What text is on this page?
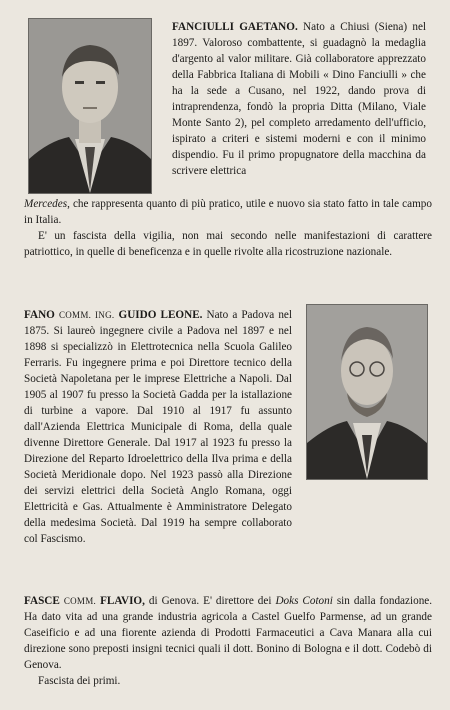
FANCIULLI GAETANO. Nato a Chiusi (Siena) nel 1897. Valoroso combattente, si guadagnò la medaglia d'argento al valor militare. Già collaboratore apprezzato della Fabbrica Italiana di Mobili « Dino Fanciulli » che ha la sede a Cusano, nel 1922, dando prova di intraprendenza, fondò la propria Ditta (Milano, Viale Monte Santo 2), pel completo arredamento dell'ufficio, ispirato a criteri e sistemi moderni e con il minimo dispendio. Fu il primo propugnatore della macchina da scrivere elettrica

Mercedes, che rappresenta quanto di più pratico, utile e nuovo sia stato fatto in tale campo in Italia.

E' un fascista della vigilia, non mai secondo nelle manifestazioni di carattere patriottico, in quelle di beneficenza e in quelle rivolte alla ricostruzione nazionale.

FANO COMM. ING. GUIDO LEONE. Nato a Padova nel 1875. Si laureò ingegnere civile a Padova nel 1897 e nel 1898 si specializzò in Elettrotecnica nella Scuola Galileo Ferraris. Fu ingegnere prima e poi Direttore tecnico della Società Napoletana per le imprese Elettriche a Napoli. Dal 1905 al 1907 fu presso la Società Gadda per la istallazione di turbine a vapore. Dal 1910 al 1917 fu assunto dall'Azienda Elettrica Municipale di Roma, della quale divenne Direttore Generale. Dal 1917 al 1923 fu presso la Direzione del Reparto Idroelettrico della Ilva prima e della Società Meridionale dopo. Nel 1923 passò alla Direzione dei servizi elettrici della Società Anglo Romana, oggi Elettricità e Gas. Attualmente è Amministratore Delegato della medesima Società. Dal 1919 ha sempre collaborato col Fascismo.

FASCE COMM. FLAVIO, di Genova. E' direttore dei Doks Cotoni sin dalla fondazione. Ha dato vita ad una grande industria agricola a Castel Guelfo Parmense, ad un grande Caseificio e ad una fiorente azienda di Prodotti Farmaceutici a Cava Manara alla cui direzione sono preposti insigni tecnici quali il dott. Bonino di Bologna e il dott. Codebò di Genova.

Fascista dei primi.
